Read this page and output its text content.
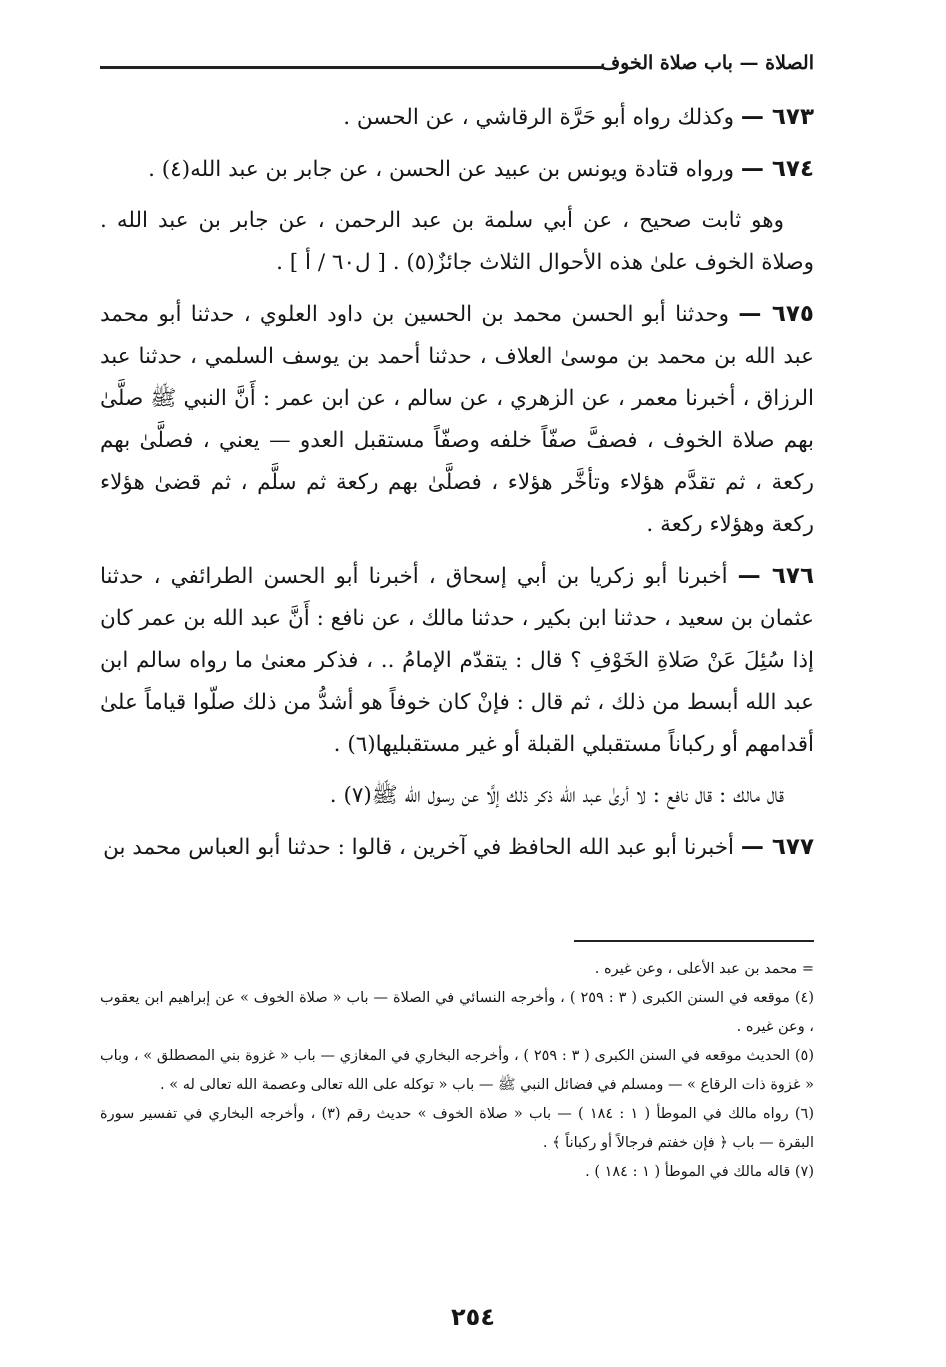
الصلاة — باب صلاة الخوف

٦٧٣ — وكذلك رواه أبو حَرَّة الرقاشي ، عن الحسن .

٦٧٤ — ورواه قتادة ويونس بن عبيد عن الحسن ، عن جابر بن عبد الله(٤) .

وهو ثابت صحيح ، عن أبي سلمة بن عبد الرحمن ، عن جابر بن عبد الله . وصلاة الخوف علىٰ هذه الأحوال الثلاث جائزٌ(٥) . [ ل٦٠ / أ ] .

٦٧٥ — وحدثنا أبو الحسن محمد بن الحسين بن داود العلوي ، حدثنا أبو محمد عبد الله بن محمد بن موسىٰ العلاف ، حدثنا أحمد بن يوسف السلمي ، حدثنا عبد الرزاق ، أخبرنا معمر ، عن الزهري ، عن سالم ، عن ابن عمر : أَنَّ النبي ﷺ صلَّىٰ بهم صلاة الخوف ، فصفَّ صفّاً خلفه وصفّاً مستقبل العدو — يعني ، فصلَّىٰ بهم ركعة ، ثم تقدَّم هؤلاء وتأخَّر هؤلاء ، فصلَّىٰ بهم ركعة ثم سلَّم ، ثم قضىٰ هؤلاء ركعة وهؤلاء ركعة .

٦٧٦ — أخبرنا أبو زكريا بن أبي إسحاق ، أخبرنا أبو الحسن الطرائفي ، حدثنا عثمان بن سعيد ، حدثنا ابن بكير ، حدثنا مالك ، عن نافع : أَنَّ عبد الله بن عمر كان إذا سُئِلَ عَنْ صَلاةِ الخَوْفِ ؟ قال : يتقدّم الإمامُ .. ، فذكر معنىٰ ما رواه سالم ابن عبد الله أبسط من ذلك ، ثم قال : فإنْ كان خوفاً هو أشدُّ من ذلك صلّوا قياماً علىٰ أقدامهم أو ركباناً مستقبلي القبلة أو غير مستقبليها(٦) .

قال مالك : قال نافع : لا أرىٰ عبد الله ذكر ذلك إلَّا عن رسول الله ﷺ(٧) .

٦٧٧ — أخبرنا أبو عبد الله الحافظ في آخرين ، قالوا : حدثنا أبو العباس محمد بن

= محمد بن عبد الأعلى ، وعن غيره .

(٤) موقعه في السنن الكبرى ( ٣ : ٢٥٩ ) ، وأخرجه النسائي في الصلاة — باب « صلاة الخوف » عن إبراهيم ابن يعقوب ، وعن غيره .

(٥) الحديث موقعه في السنن الكبرى ( ٣ : ٢٥٩ ) ، وأخرجه البخاري في المغازي — باب « غزوة بني المصطلق » ، وباب « غزوة ذات الرقاع » — ومسلم في فضائل النبي ﷺ — باب « توكله على الله تعالى وعصمة الله تعالى له » .

(٦) رواه مالك في الموطأ ( ١ : ١٨٤ ) — باب « صلاة الخوف » حديث رقم (٣) ، وأخرجه البخاري في تفسير سورة البقرة — باب ﴿ فإن خفتم فرجالاً أو ركباناً ﴾ .

(٧) قاله مالك في الموطأ ( ١ : ١٨٤ ) .

٢٥٤
